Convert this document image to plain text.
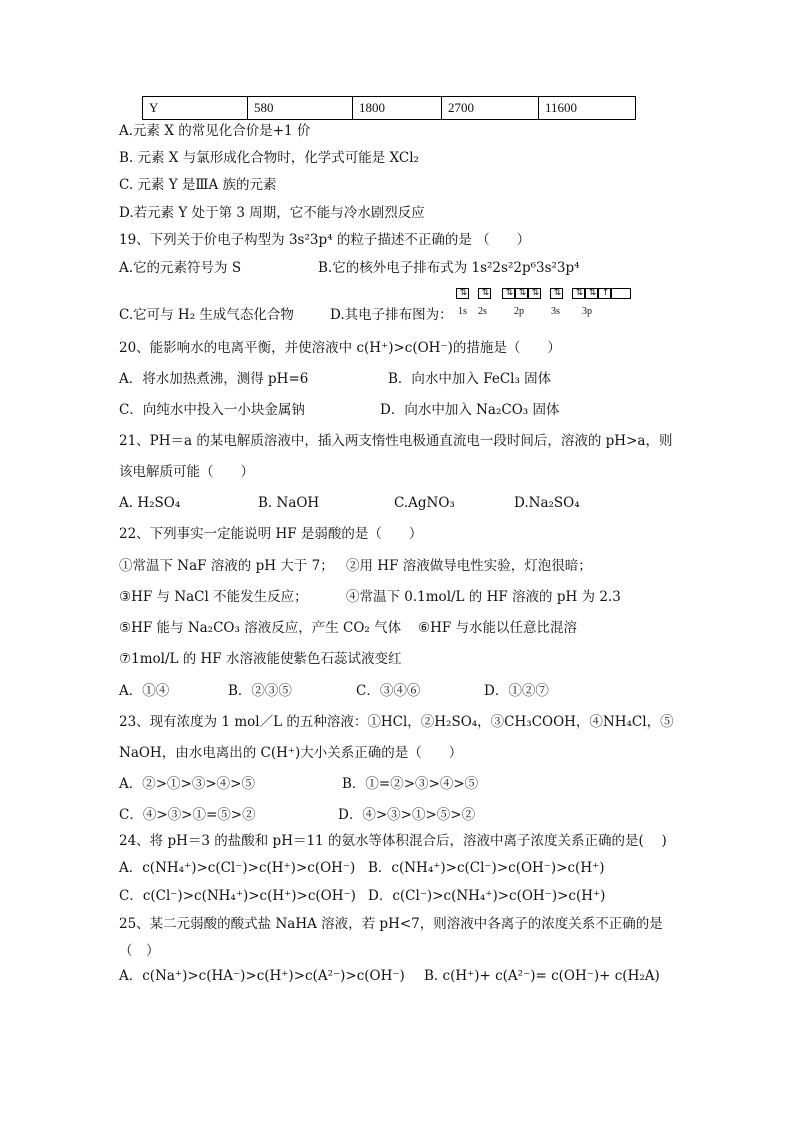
Y	580	1800	2700	11600
A.元素 X 的常见化合价是+1 价
B. 元素 X 与氯形成化合物时，化学式可能是 XCl₂
C. 元素 Y 是ⅢA 族的元素
D.若元素 Y 处于第 3 周期，它不能与冷水剧烈反应
19、下列关于价电子构型为 3s²3p⁴ 的粒子描述不正确的是 （　　）
A.它的元素符号为 S	B.它的核外电子排布式为 1s²2s²2p⁶3s²3p⁴
C.它可与 H₂ 生成气态化合物	D.其电子排布图为：
⇅	⇅	⇅ ⇅ ⇅	⇅	⇅ ⇅ ↑
1s 2s	2p	3s 3p
20、能影响水的电离平衡，并使溶液中 c(H⁺)>c(OH⁻)的措施是（　　）
A．将水加热煮沸，测得 pH=6	B．向水中加入 FeCl₃ 固体
C．向纯水中投入一小块金属钠	D．向水中加入 Na₂CO₃ 固体
21、PH＝a 的某电解质溶液中，插入两支惰性电极通直流电一段时间后，溶液的 pH>a，则
该电解质可能（　　）
A. H₂SO₄	B. NaOH	C.AgNO₃	D.Na₂SO₄
22、下列事实一定能说明 HF 是弱酸的是（　　）
①常温下 NaF 溶液的 pH 大于 7； ②用 HF 溶液做导电性实验，灯泡很暗；
③HF 与 NaCl 不能发生反应；	④常温下 0.1mol/L 的 HF 溶液的 pH 为 2.3
⑤HF 能与 Na₂CO₃ 溶液反应，产生 CO₂ 气体 ⑥HF 与水能以任意比混溶
⑦1mol/L 的 HF 水溶液能使紫色石蕊试液变红
A．①④	B．②③⑤	C．③④⑥	D．①②⑦
23、现有浓度为 1 mol／L 的五种溶液：①HCl，②H₂SO₄，③CH₃COOH，④NH₄Cl，⑤
NaOH，由水电离出的 C(H⁺)大小关系正确的是（　　）
A．②>①>③>④>⑤	B．①=②>③>④>⑤
C．④>③>①=⑤>②	D．④>③>①>⑤>②
24、将 pH＝3 的盐酸和 pH＝11 的氨水等体积混合后，溶液中离子浓度关系正确的是(　 )
A．c(NH₄⁺)>c(Cl⁻)>c(H⁺)>c(OH⁻) B．c(NH₄⁺)>c(Cl⁻)>c(OH⁻)>c(H⁺)
C．c(Cl⁻)>c(NH₄⁺)>c(H⁺)>c(OH⁻) D．c(Cl⁻)>c(NH₄⁺)>c(OH⁻)>c(H⁺)
25、某二元弱酸的酸式盐 NaHA 溶液，若 pH<7，则溶液中各离子的浓度关系不正确的是
（　）
A．c(Na⁺)>c(HA⁻)>c(H⁺)>c(A²⁻)>c(OH⁻) B. c(H⁺)+ c(A²⁻)= c(OH⁻)+ c(H₂A)
